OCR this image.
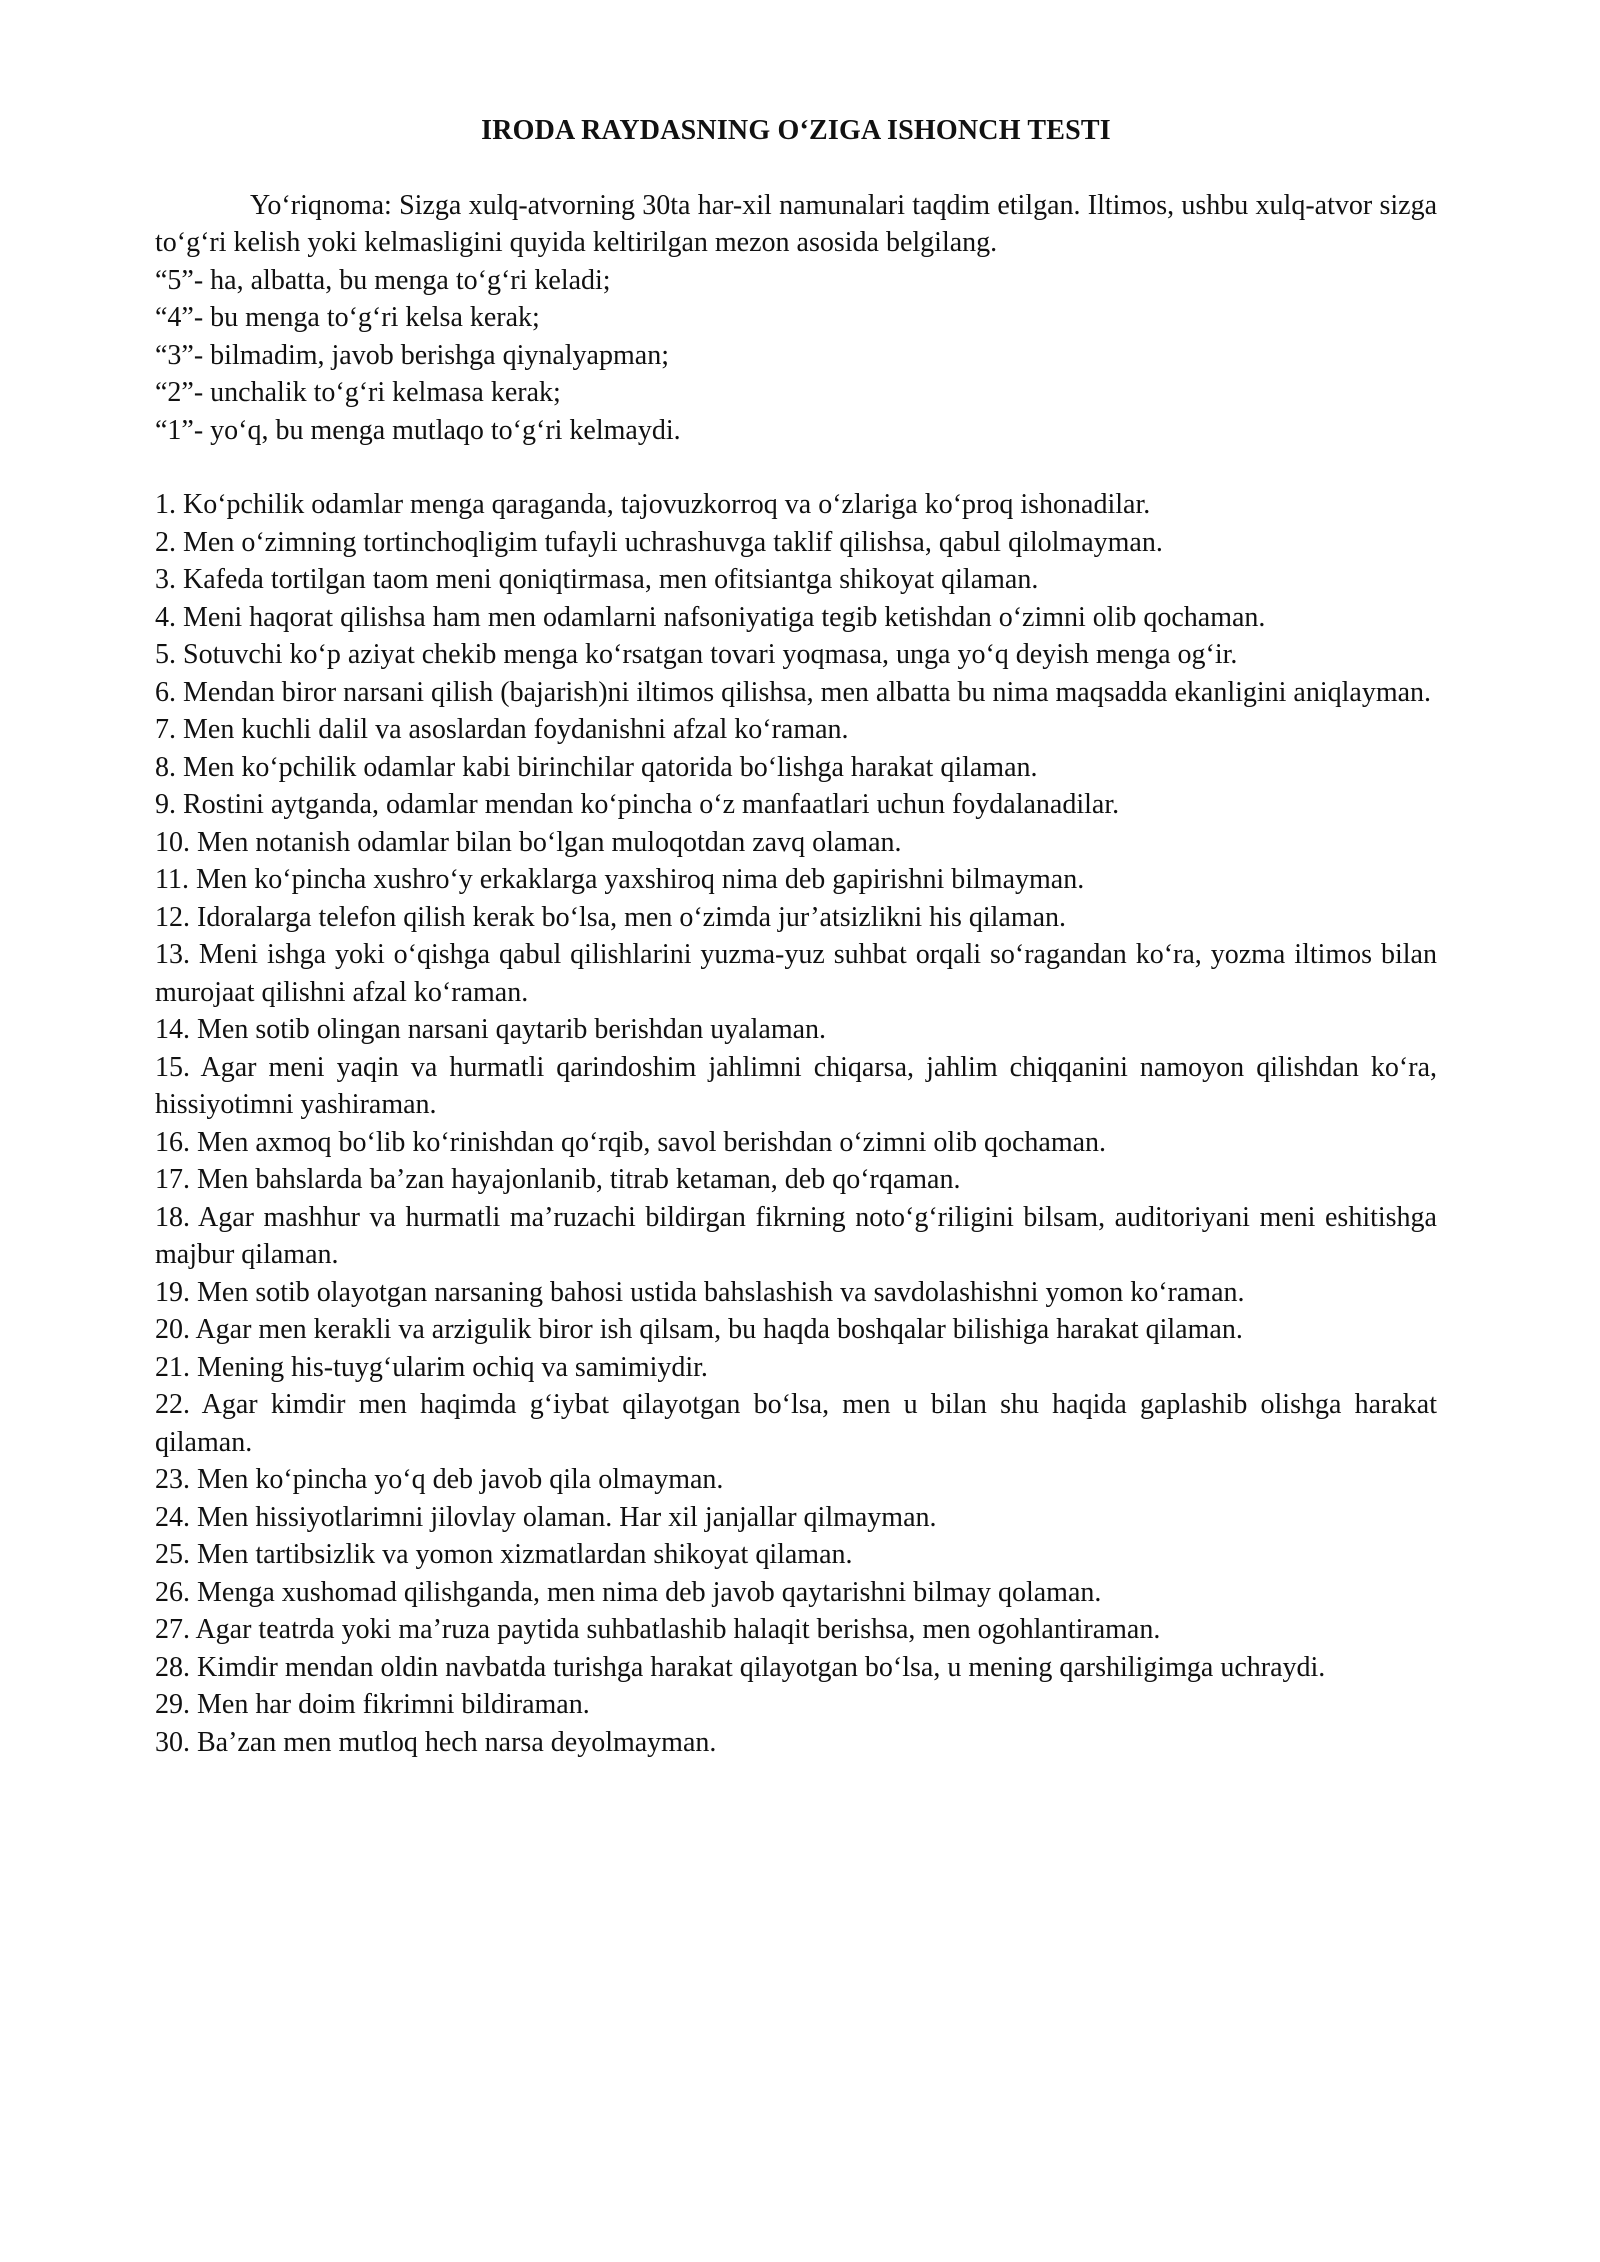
IRODA RAYDASNING O‘ZIGA ISHONCH TESTI

Yo‘riqnoma: Sizga xulq-atvorning 30ta har-xil namunalari taqdim etilgan. Iltimos, ushbu xulq-atvor sizga to‘g‘ri kelish yoki kelmasligini quyida keltirilgan mezon asosida belgilang.

“5”- ha, albatta, bu menga to‘g‘ri keladi;
“4”- bu menga to‘g‘ri kelsa kerak;
“3”- bilmadim, javob berishga qiynalyapman;
“2”- unchalik to‘g‘ri kelmasa kerak;
“1”- yo‘q, bu menga mutlaqo to‘g‘ri kelmaydi.
1. Ko‘pchilik odamlar menga qaraganda, tajovuzkorroq va o‘zlariga ko‘proq ishonadilar.
2. Men o‘zimning tortinchoqligim tufayli uchrashuvga taklif qilishsa, qabul qilolmayman.
3. Kafeda tortilgan taom meni qoniqtirmasa, men ofitsiantga shikoyat qilaman.
4. Meni haqorat qilishsa ham men odamlarni nafsoniyatiga tegib ketishdan o‘zimni olib qochaman.
5. Sotuvchi ko‘p aziyat chekib menga ko‘rsatgan tovari yoqmasa, unga yo‘q deyish menga og‘ir.
6. Mendan biror narsani qilish (bajarish)ni iltimos qilishsa, men albatta bu nima maqsadda ekanligini aniqlayman.
7. Men kuchli dalil va asoslardan foydanishni afzal ko‘raman.
8. Men ko‘pchilik odamlar kabi birinchilar qatorida bo‘lishga harakat qilaman.
9. Rostini aytganda, odamlar mendan ko‘pincha o‘z manfaatlari uchun foydalanadilar.
10. Men notanish odamlar bilan bo‘lgan muloqotdan zavq olaman.
11. Men ko‘pincha xushro‘y erkaklarga yaxshiroq nima deb gapirishni bilmayman.
12. Idoralarga telefon qilish kerak bo‘lsa, men o‘zimda jur’atsizlikni his qilaman.
13. Meni ishga yoki o‘qishga qabul qilishlarini yuzma-yuz suhbat orqali so‘ragandan ko‘ra, yozma iltimos bilan murojaat qilishni afzal ko‘raman.
14. Men sotib olingan narsani qaytarib berishdan uyalaman.
15. Agar meni yaqin va hurmatli qarindoshim jahlimni chiqarsa, jahlim chiqqanini namoyon qilishdan ko‘ra, hissiyotimni yashiraman.
16. Men axmoq bo‘lib ko‘rinishdan qo‘rqib, savol berishdan o‘zimni olib qochaman.
17. Men bahslarda ba’zan hayajonlanib, titrab ketaman, deb qo‘rqaman.
18. Agar mashhur va hurmatli ma’ruzachi bildirgan fikrning noto‘g‘riligini bilsam, auditoriyani meni eshitishga majbur qilaman.
19. Men sotib olayotgan narsaning bahosi ustida bahslashish va savdolashishni yomon ko‘raman.
20. Agar men kerakli va arzigulik biror ish qilsam, bu haqda boshqalar bilishiga harakat qilaman.
21. Mening his-tuyg‘ularim ochiq va samimiydir.
22. Agar kimdir men haqimda g‘iybat qilayotgan bo‘lsa, men u bilan shu haqida gaplashib olishga harakat qilaman.
23. Men ko‘pincha yo‘q deb javob qila olmayman.
24. Men hissiyotlarimni jilovlay olaman. Har xil janjallar qilmayman.
25. Men tartibsizlik va yomon xizmatlardan shikoyat qilaman.
26. Menga xushomad qilishganda, men nima deb javob qaytarishni bilmay qolaman.
27. Agar teatrda yoki ma’ruza paytida suhbatlashib halaqit berishsa, men ogohlantiraman.
28. Kimdir mendan oldin navbatda turishga harakat qilayotgan bo‘lsa, u mening qarshiligimga uchraydi.
29. Men har doim fikrimni bildiraman.
30. Ba’zan men mutloq hech narsa deyolmayman.
